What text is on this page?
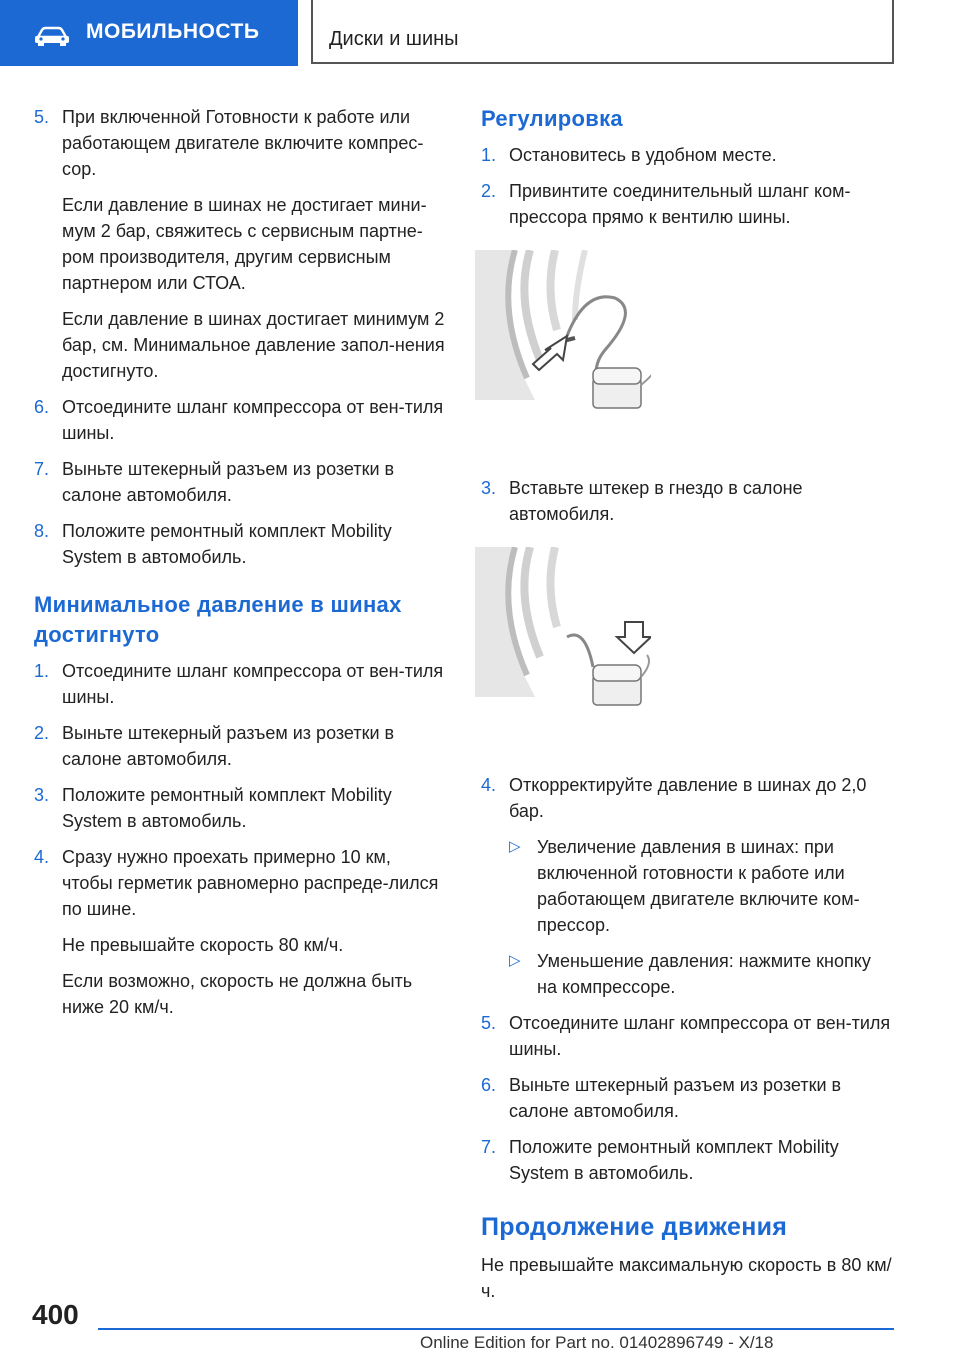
МОБИЛЬНОСТЬ	Диски и шины
5. При включенной Готовности к работе или работающем двигателе включите компрес-сор.

Если давление в шинах не достигает мини-мум 2 бар, свяжитесь с сервисным партне-ром производителя, другим сервисным партнером или СТОА.

Если давление в шинах достигает минимум 2 бар, см. Минимальное давление запол-нения достигнуто.

6. Отсоедините шланг компрессора от вен-тиля шины.

7. Выньте штекерный разъем из розетки в салоне автомобиля.

8. Положите ремонтный комплект Mobility System в автомобиль.

Минимальное давление в шинах достигнуто
1. Отсоедините шланг компрессора от вен-тиля шины.

2. Выньте штекерный разъем из розетки в салоне автомобиля.

3. Положите ремонтный комплект Mobility System в автомобиль.

4. Сразу нужно проехать примерно 10 км, чтобы герметик равномерно распреде-лился по шине.

Не превышайте скорость 80 км/ч.

Если возможно, скорость не должна быть ниже 20 км/ч.

Регулировка
1. Остановитесь в удобном месте.

2. Привинтите соединительный шланг ком-прессора прямо к вентилю шины.

3. Вставьте штекер в гнездо в салоне автомобиля.

4. Откорректируйте давление в шинах до 2,0 бар.

▷ Увеличение давления в шинах: при включенной готовности к работе или работающем двигателе включите ком-прессор.

▷ Уменьшение давления: нажмите кнопку на компрессоре.

5. Отсоедините шланг компрессора от вен-тиля шины.

6. Выньте штекерный разъем из розетки в салоне автомобиля.

7. Положите ремонтный комплект Mobility System в автомобиль.

Продолжение движения

Не превышайте максимальную скорость в 80 км/ч.

400
Online Edition for Part no. 01402896749 - X/18
